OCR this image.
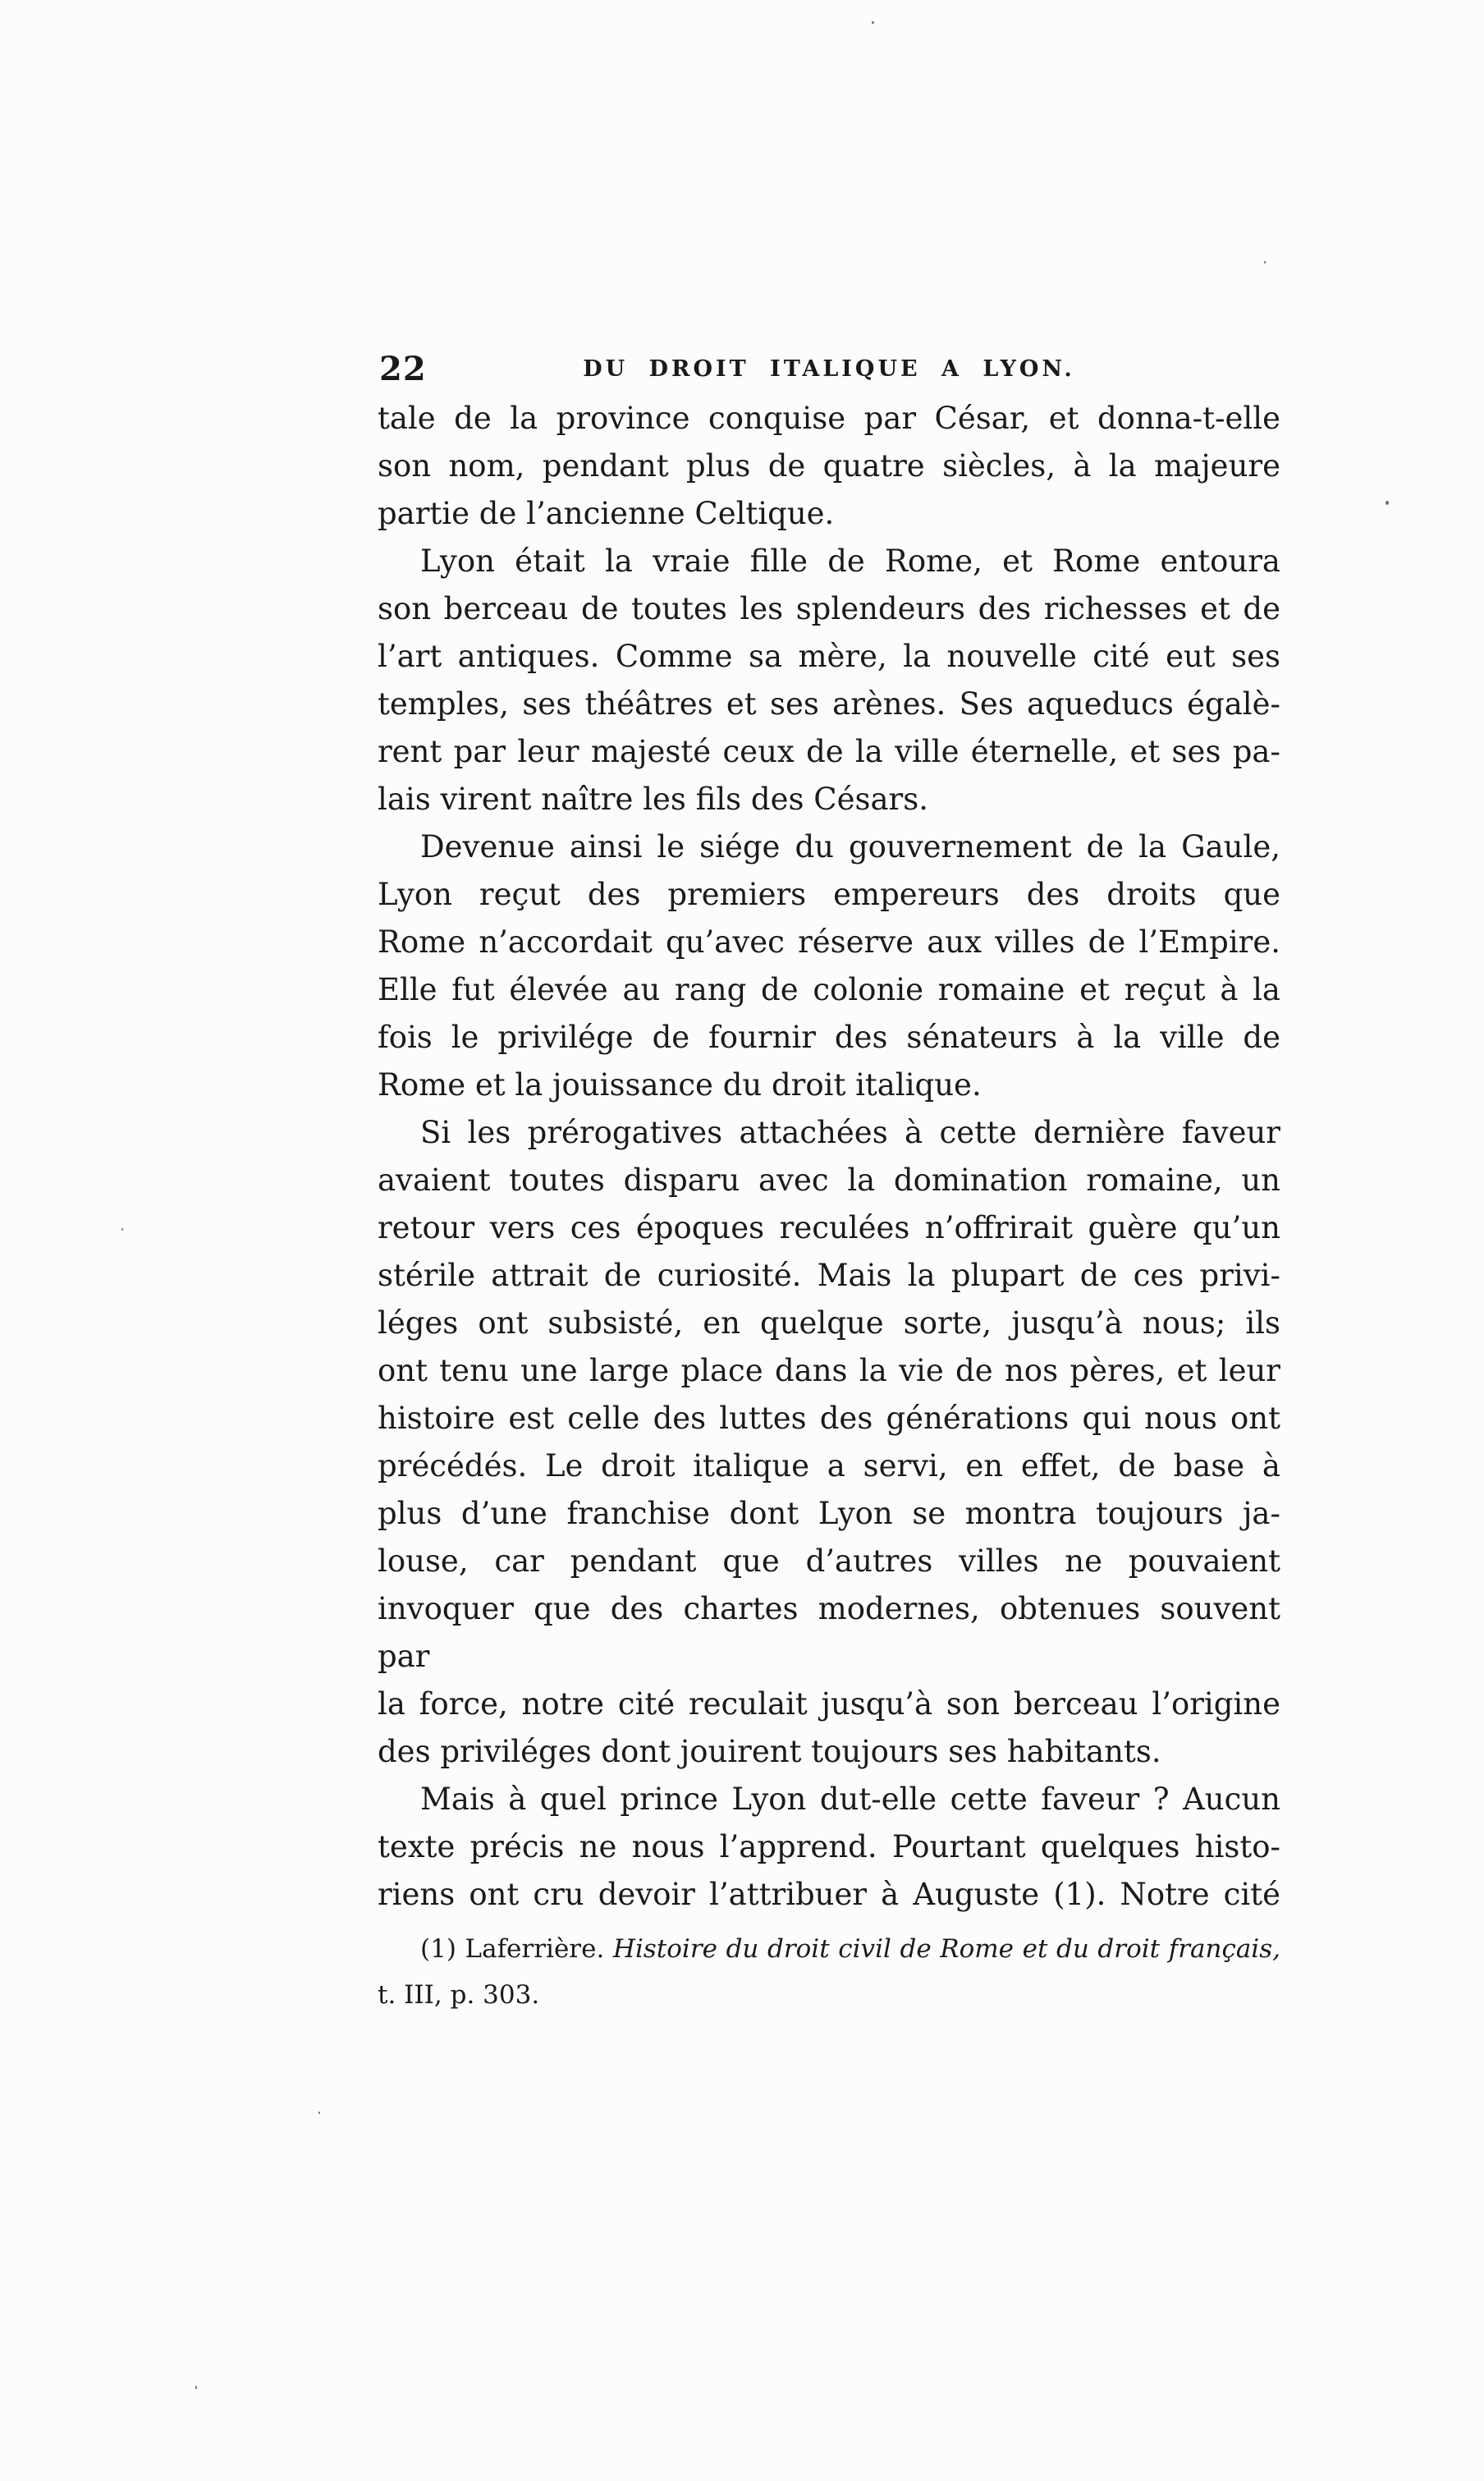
22	DU DROIT ITALIQUE A LYON.
tale de la province conquise par César, et donna-t-elle
son nom, pendant plus de quatre siècles, à la majeure
partie de l’ancienne Celtique.
Lyon était la vraie fille de Rome, et Rome entoura
son berceau de toutes les splendeurs des richesses et de
l’art antiques. Comme sa mère, la nouvelle cité eut ses
temples, ses théâtres et ses arènes. Ses aqueducs égalè-
rent par leur majesté ceux de la ville éternelle, et ses pa-
lais virent naître les fils des Césars.
Devenue ainsi le siége du gouvernement de la Gaule,
Lyon reçut des premiers empereurs des droits que
Rome n’accordait qu’avec réserve aux villes de l’Empire.
Elle fut élevée au rang de colonie romaine et reçut à la
fois le privilége de fournir des sénateurs à la ville de
Rome et la jouissance du droit italique.
Si les prérogatives attachées à cette dernière faveur
avaient toutes disparu avec la domination romaine, un
retour vers ces époques reculées n’offrirait guère qu’un
stérile attrait de curiosité. Mais la plupart de ces privi-
léges ont subsisté, en quelque sorte, jusqu’à nous; ils
ont tenu une large place dans la vie de nos pères, et leur
histoire est celle des luttes des générations qui nous ont
précédés. Le droit italique a servi, en effet, de base à
plus d’une franchise dont Lyon se montra toujours ja-
louse, car pendant que d’autres villes ne pouvaient
invoquer que des chartes modernes, obtenues souvent par
la force, notre cité reculait jusqu’à son berceau l’origine
des priviléges dont jouirent toujours ses habitants.
Mais à quel prince Lyon dut-elle cette faveur ? Aucun
texte précis ne nous l’apprend. Pourtant quelques histo-
riens ont cru devoir l’attribuer à Auguste (1). Notre cité
(1) Laferrière. Histoire du droit civil de Rome et du droit français,
t. III, p. 303.
